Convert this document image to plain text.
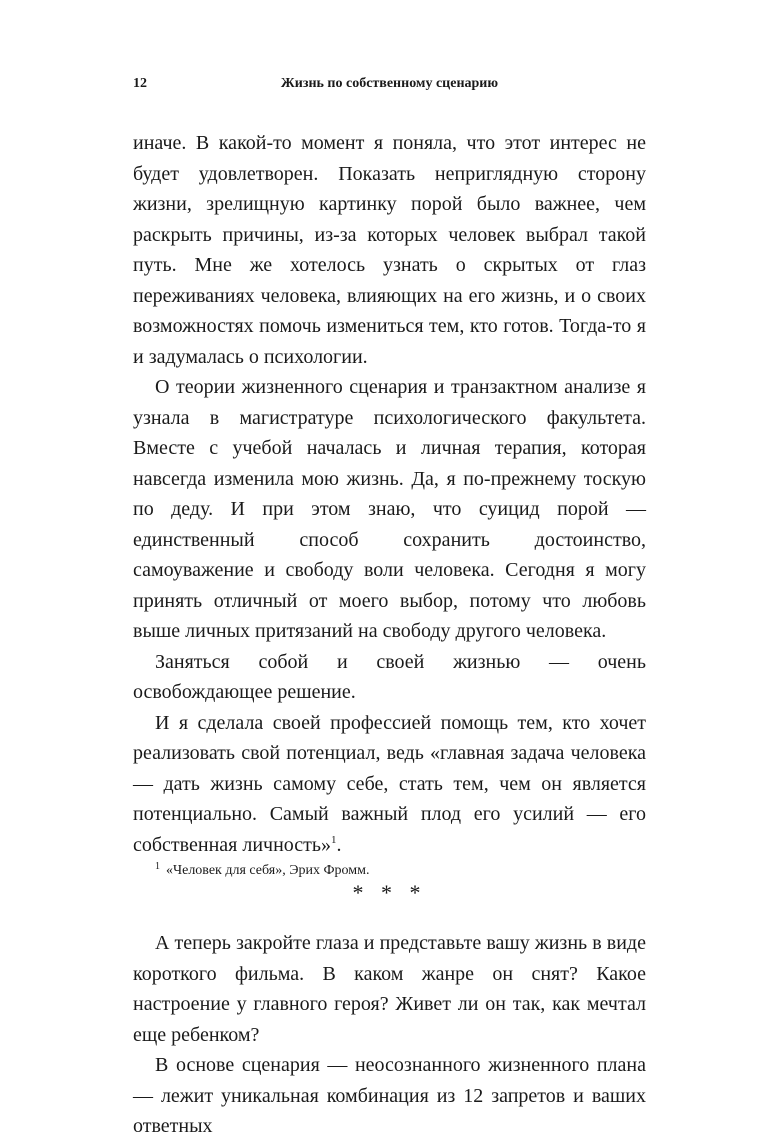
12	Жизнь по собственному сценарию

иначе. В какой-то момент я поняла, что этот интерес не будет удовлетворен. Показать неприглядную сторону жизни, зрелищную картинку порой было важнее, чем раскрыть причины, из-за которых человек выбрал такой путь. Мне же хотелось узнать о скрытых от глаз переживаниях человека, влияющих на его жизнь, и о своих возможностях помочь измениться тем, кто готов. Тогда-то я и задумалась о психологии.

О теории жизненного сценария и транзактном анализе я узнала в магистратуре психологического факультета. Вместе с учебой началась и личная терапия, которая навсегда изменила мою жизнь. Да, я по-прежнему тоскую по деду. И при этом знаю, что суицид порой — единственный способ сохранить достоинство, самоуважение и свободу воли человека. Сегодня я могу принять отличный от моего выбор, потому что любовь выше личных притязаний на свободу другого человека.

Заняться собой и своей жизнью — очень освобождающее решение.

И я сделала своей профессией помощь тем, кто хочет реализовать свой потенциал, ведь «главная задача человека — дать жизнь самому себе, стать тем, чем он является потенциально. Самый важный плод его усилий — его собственная личность»$^1$.

* * *

А теперь закройте глаза и представьте вашу жизнь в виде короткого фильма. В каком жанре он снят? Какое настроение у главного героя? Живет ли он так, как мечтал еще ребенком?

В основе сценария — неосознанного жизненного плана — лежит уникальная комбинация из 12 запретов и ваших ответных

$^1$ «Человек для себя», Эрих Фромм.
